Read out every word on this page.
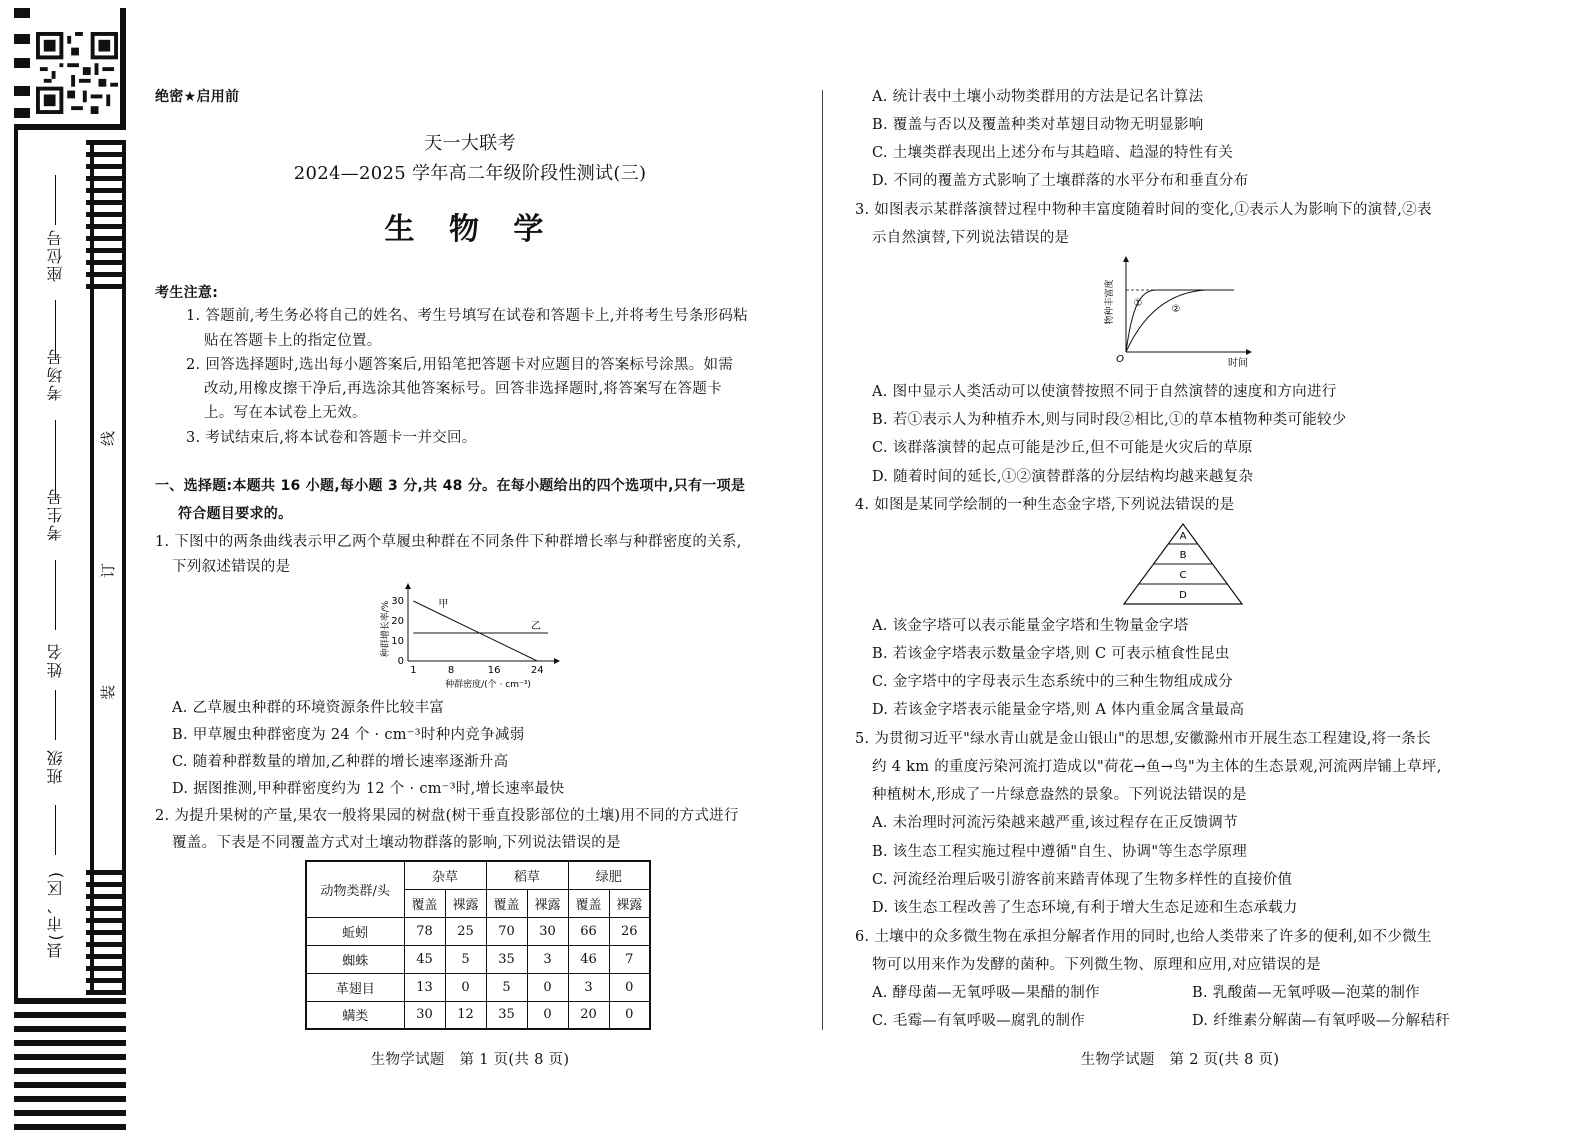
座位号
考场号
考生号
姓名
班级
县(市、区)
线
订
装
绝密★启用前
天一大联考
2024—2025 学年高二年级阶段性测试(三)
生 物 学
考生注意:
1. 答题前,考生务必将自己的姓名、考生号填写在试卷和答题卡上,并将考生号条形码粘
贴在答题卡上的指定位置。
2. 回答选择题时,选出每小题答案后,用铅笔把答题卡对应题目的答案标号涂黑。如需
改动,用橡皮擦干净后,再选涂其他答案标号。回答非选择题时,将答案写在答题卡
上。写在本试卷上无效。
3. 考试结束后,将本试卷和答题卡一并交回。
一、选择题:本题共 16 小题,每小题 3 分,共 48 分。在每小题给出的四个选项中,只有一项是
符合题目要求的。
1. 下图中的两条曲线表示甲乙两个草履虫种群在不同条件下种群增长率与种群密度的关系,
下列叙述错误的是
0
10
20
30
1	8	16	24
种群密度/(个 · cm⁻³)
种群增长率/%	甲
乙
A. 乙草履虫种群的环境资源条件比较丰富
B. 甲草履虫种群密度为 24 个 · cm⁻³时种内竞争减弱
C. 随着种群数量的增加,乙种群的增长速率逐渐升高
D. 据图推测,甲种群密度约为 12 个 · cm⁻³时,增长速率最快
2. 为提升果树的产量,果农一般将果园的树盘(树干垂直投影部位的土壤)用不同的方式进行
覆盖。下表是不同覆盖方式对土壤动物群落的影响,下列说法错误的是
动物类群/头	杂草		稻草		绿肥	
	覆盖	裸露	覆盖	裸露	覆盖	裸露
蚯蚓	78	25	70	30	66	26
蜘蛛	45	5	35	3	46	7
革翅目	13	0	5	0	3	0
螨类	30	12	35	0	20	0
生物学试题　第 1 页(共 8 页)
A. 统计表中土壤小动物类群用的方法是记名计算法
B. 覆盖与否以及覆盖种类对革翅目动物无明显影响
C. 土壤类群表现出上述分布与其趋暗、趋湿的特性有关
D. 不同的覆盖方式影响了土壤群落的水平分布和垂直分布
3. 如图表示某群落演替过程中物种丰富度随着时间的变化,①表示人为影响下的演替,②表
示自然演替,下列说法错误的是
①
②
O	时间
物种丰富度
A. 图中显示人类活动可以使演替按照不同于自然演替的速度和方向进行
B. 若①表示人为种植乔木,则与同时段②相比,①的草本植物种类可能较少
C. 该群落演替的起点可能是沙丘,但不可能是火灾后的草原
D. 随着时间的延长,①②演替群落的分层结构均越来越复杂
4. 如图是某同学绘制的一种生态金字塔,下列说法错误的是
A
B
C
D
A. 该金字塔可以表示能量金字塔和生物量金字塔
B. 若该金字塔表示数量金字塔,则 C 可表示植食性昆虫
C. 金字塔中的字母表示生态系统中的三种生物组成成分
D. 若该金字塔表示能量金字塔,则 A 体内重金属含量最高
5. 为贯彻习近平"绿水青山就是金山银山"的思想,安徽滁州市开展生态工程建设,将一条长
约 4 km 的重度污染河流打造成以"荷花→鱼→鸟"为主体的生态景观,河流两岸铺上草坪,
种植树木,形成了一片绿意盎然的景象。下列说法错误的是
A. 未治理时河流污染越来越严重,该过程存在正反馈调节
B. 该生态工程实施过程中遵循"自生、协调"等生态学原理
C. 河流经治理后吸引游客前来踏青体现了生物多样性的直接价值
D. 该生态工程改善了生态环境,有利于增大生态足迹和生态承载力
6. 土壤中的众多微生物在承担分解者作用的同时,也给人类带来了许多的便利,如不少微生
物可以用来作为发酵的菌种。下列微生物、原理和应用,对应错误的是
A. 酵母菌—无氧呼吸—果醋的制作	B. 乳酸菌—无氧呼吸—泡菜的制作
C. 毛霉—有氧呼吸—腐乳的制作	D. 纤维素分解菌—有氧呼吸—分解秸秆
生物学试题　第 2 页(共 8 页)
